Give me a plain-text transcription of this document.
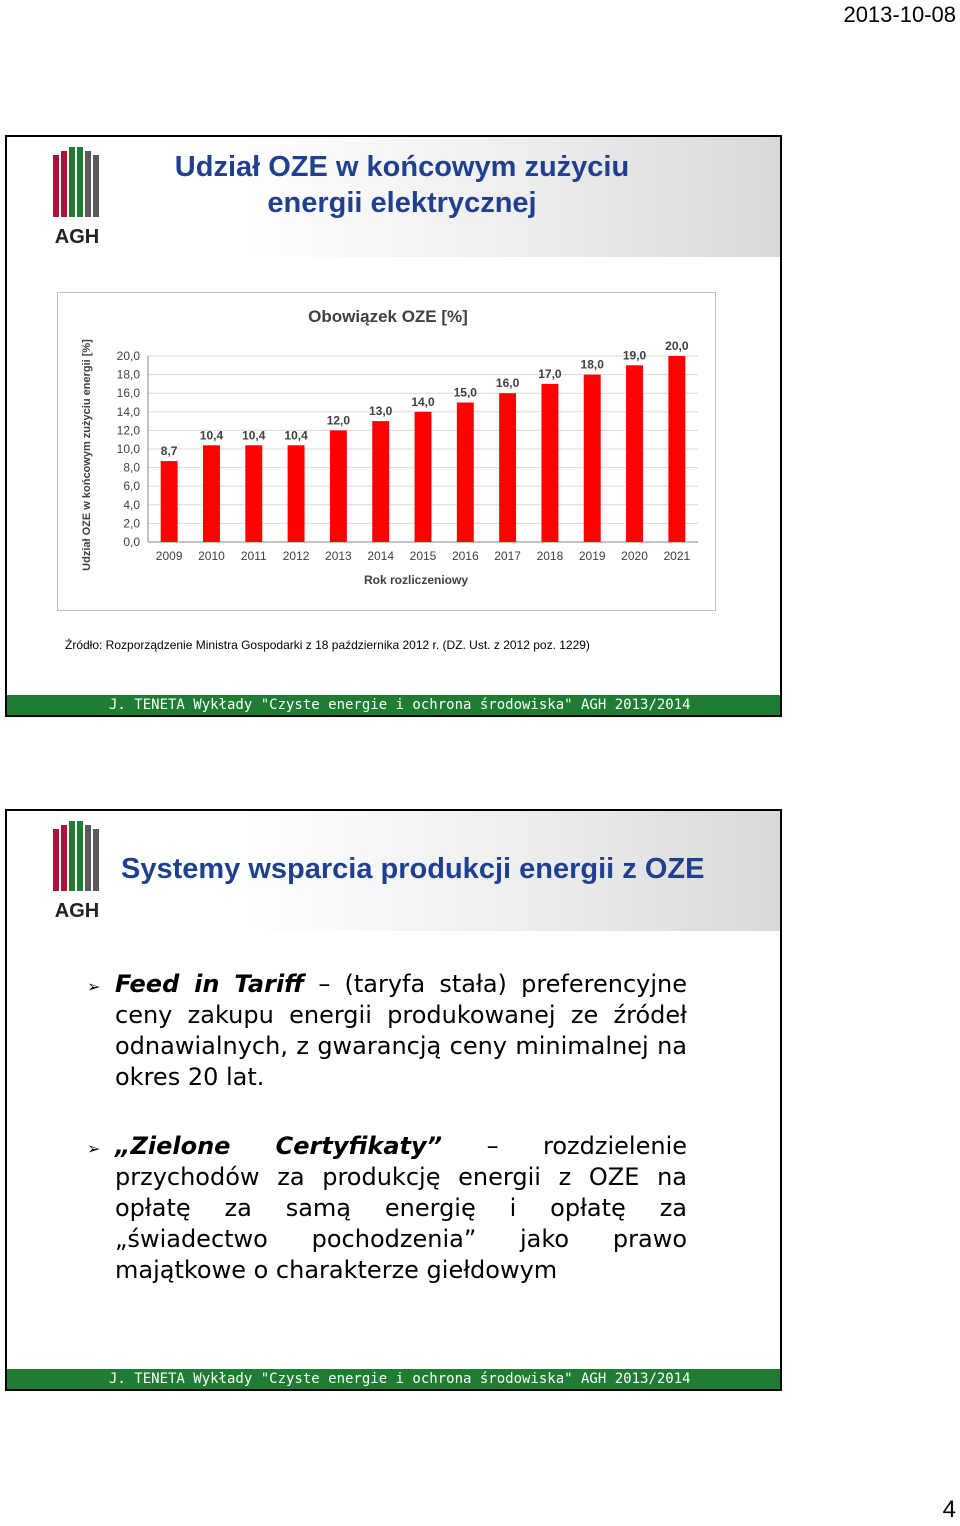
2013-10-08
AGH
Udział OZE w końcowym zużyciu energii elektrycznej
Obowiązek OZE [%]
0,0
2,0
4,0
6,0
8,0
10,0
12,0
14,0
16,0
18,0
20,0
8,7
2009
10,4
2010
10,4
2011
10,4
2012
12,0
2013
13,0
2014
14,0
2015
15,0
2016
16,0
2017
17,0
2018
18,0
2019
19,0
2020
20,0
2021
Rok rozliczeniowy
Udział OZE w końcowym zużyciu energii [%]
Źródło: Rozporządzenie Ministra Gospodarki z 18 października 2012 r. (DZ. Ust. z 2012 poz. 1229)
J. TENETA Wykłady "Czyste energie i ochrona środowiska" AGH 2013/2014
AGH
Systemy wsparcia produkcji energii z OZE
➢ Feed in Tariff – (taryfa stała) preferencyjne ceny zakupu energii produkowanej ze źródeł odnawialnych, z gwarancją ceny minimalnej na okres 20 lat.
➢ „Zielone Certyfikaty” – rozdzielenie przychodów za produkcję energii z OZE na opłatę za samą energię i opłatę za „świadectwo pochodzenia” jako prawo majątkowe o charakterze giełdowym
J. TENETA Wykłady "Czyste energie i ochrona środowiska" AGH 2013/2014
4
